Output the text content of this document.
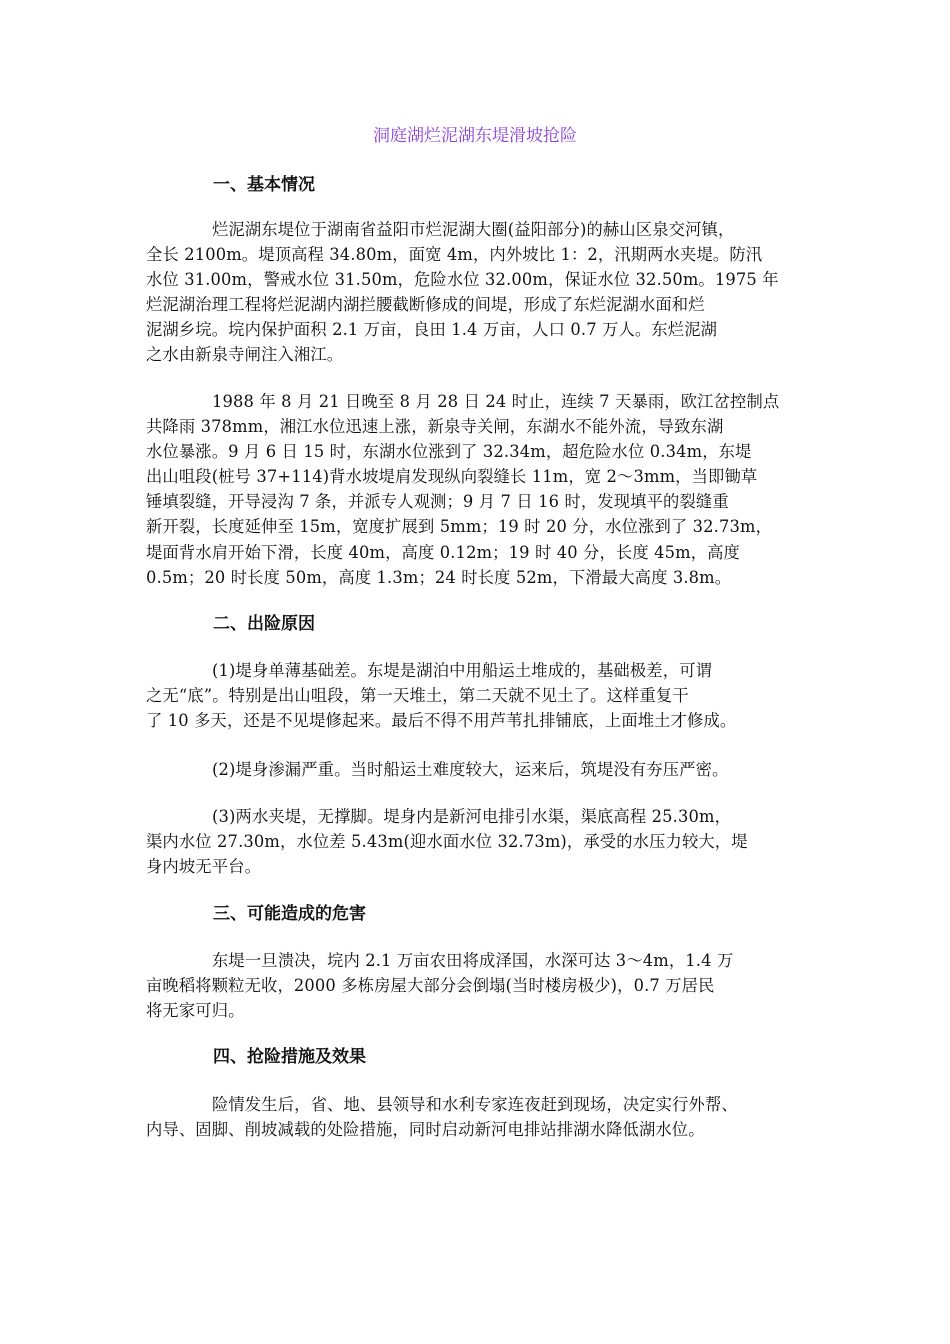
洞庭湖烂泥湖东堤滑坡抢险
一、基本情况
烂泥湖东堤位于湖南省益阳市烂泥湖大圈(益阳部分)的赫山区泉交河镇，
全长 2100m。堤顶高程 34.80m，面宽 4m，内外坡比 1：2，汛期两水夹堤。防汛
水位 31.00m，警戒水位 31.50m，危险水位 32.00m，保证水位 32.50m。1975 年
烂泥湖治理工程将烂泥湖内湖拦腰截断修成的间堤，形成了东烂泥湖水面和烂
泥湖乡垸。垸内保护面积 2.1 万亩，良田 1.4 万亩，人口 0.7 万人。东烂泥湖
之水由新泉寺闸注入湘江。
1988 年 8 月 21 日晚至 8 月 28 日 24 时止，连续 7 天暴雨，欧江岔控制点
共降雨 378mm，湘江水位迅速上涨，新泉寺关闸，东湖水不能外流，导致东湖
水位暴涨。9 月 6 日 15 时，东湖水位涨到了 32.34m，超危险水位 0.34m，东堤
出山咀段(桩号 37+114)背水坡堤肩发现纵向裂缝长 11m，宽 2～3mm，当即锄草
锤填裂缝，开导浸沟 7 条，并派专人观测；9 月 7 日 16 时，发现填平的裂缝重
新开裂，长度延伸至 15m，宽度扩展到 5mm；19 时 20 分，水位涨到了 32.73m，
堤面背水肩开始下滑，长度 40m，高度 0.12m；19 时 40 分，长度 45m，高度
0.5m；20 时长度 50m，高度 1.3m；24 时长度 52m，下滑最大高度 3.8m。
二、出险原因
(1)堤身单薄基础差。东堤是湖泊中用船运土堆成的，基础极差，可谓
之无“底”。特别是出山咀段，第一天堆土，第二天就不见土了。这样重复干
了 10 多天，还是不见堤修起来。最后不得不用芦苇扎排铺底，上面堆土才修成。
(2)堤身渗漏严重。当时船运土难度较大，运来后，筑堤没有夯压严密。
(3)两水夹堤，无撑脚。堤身内是新河电排引水渠，渠底高程 25.30m，
渠内水位 27.30m，水位差 5.43m(迎水面水位 32.73m)，承受的水压力较大，堤
身内坡无平台。
三、可能造成的危害
东堤一旦溃决，垸内 2.1 万亩农田将成泽国，水深可达 3～4m，1.4 万
亩晚稻将颗粒无收，2000 多栋房屋大部分会倒塌(当时楼房极少)，0.7 万居民
将无家可归。
四、抢险措施及效果
险情发生后，省、地、县领导和水利专家连夜赶到现场，决定实行外帮、
内导、固脚、削坡减载的处险措施，同时启动新河电排站排湖水降低湖水位。
